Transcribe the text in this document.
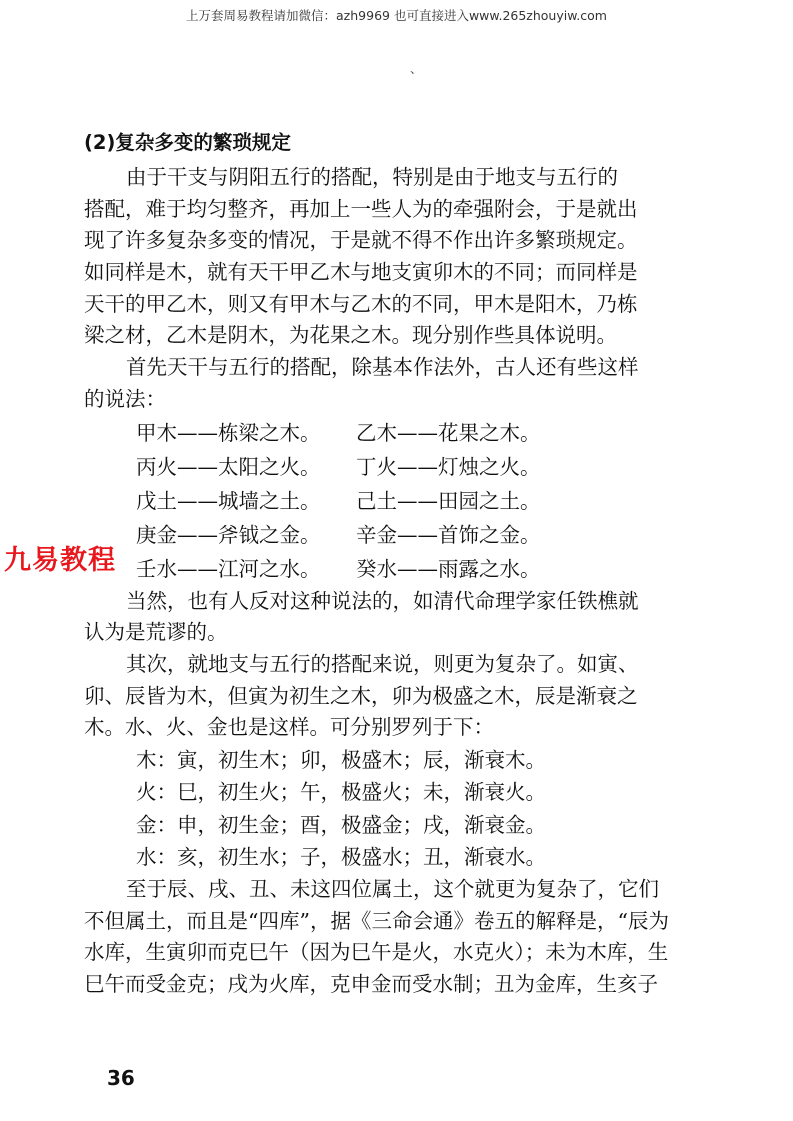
上万套周易教程请加微信：azh9969 也可直接进入www.265zhouyiw.com
、
(2)复杂多变的繁琐规定
由于干支与阴阳五行的搭配，特别是由于地支与五行的
搭配，难于均匀整齐，再加上一些人为的牵强附会，于是就出
现了许多复杂多变的情况，于是就不得不作出许多繁琐规定。
如同样是木，就有天干甲乙木与地支寅卯木的不同；而同样是
天干的甲乙木，则又有甲木与乙木的不同，甲木是阳木，乃栋
梁之材，乙木是阴木，为花果之木。现分别作些具体说明。
首先天干与五行的搭配，除基本作法外，古人还有些这样
的说法：
甲木——栋梁之木。	乙木——花果之木。
丙火——太阳之火。	丁火——灯烛之火。
戊土——城墙之土。	己土——田园之土。
庚金——斧钺之金。	辛金——首饰之金。
壬水——江河之水。	癸水——雨露之水。
当然，也有人反对这种说法的，如清代命理学家任铁樵就
认为是荒谬的。
其次，就地支与五行的搭配来说，则更为复杂了。如寅、
卯、辰皆为木，但寅为初生之木，卯为极盛之木，辰是渐衰之
木。水、火、金也是这样。可分别罗列于下：
木：寅，初生木；卯，极盛木；辰，渐衰木。
火：巳，初生火；午，极盛火；未，渐衰火。
金：申，初生金；酉，极盛金；戌，渐衰金。
水：亥，初生水；子，极盛水；丑，渐衰水。
至于辰、戌、丑、未这四位属土，这个就更为复杂了，它们
不但属土，而且是“四库”，据《三命会通》卷五的解释是，“辰为
水库，生寅卯而克巳午（因为巳午是火，水克火）；未为木库，生
巳午而受金克；戌为火库，克申金而受水制；丑为金库，生亥子
九易教程
36
